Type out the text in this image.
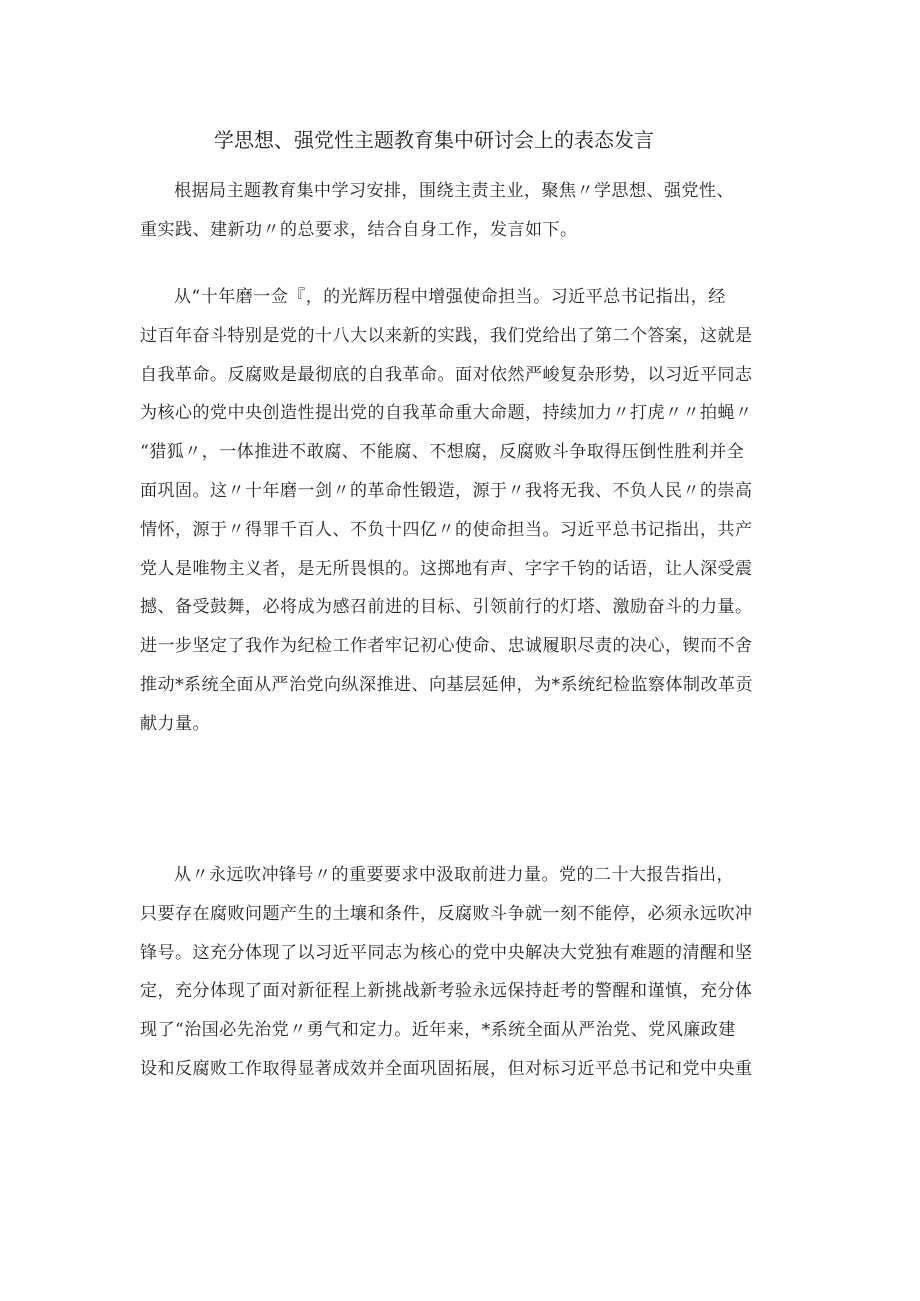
学思想、强党性主题教育集中研讨会上的表态发言

根据局主题教育集中学习安排，围绕主责主业，聚焦〃学思想、强党性、
重实践、建新功〃的总要求，结合自身工作，发言如下。

从“十年磨一佥『，的光辉历程中增强使命担当。习近平总书记指出，经
过百年奋斗特别是党的十八大以来新的实践，我们党给出了第二个答案，这就是
自我革命。反腐败是最彻底的自我革命。面对依然严峻复杂形势，以习近平同志
为核心的党中央创造性提出党的自我革命重大命题，持续加力〃打虎〃〃拍蝇〃
“猎狐〃，一体推进不敢腐、不能腐、不想腐，反腐败斗争取得压倒性胜利并全
面巩固。这〃十年磨一剑〃的革命性锻造，源于〃我将无我、不负人民〃的崇高
情怀，源于〃得罪千百人、不负十四亿〃的使命担当。习近平总书记指出，共产
党人是唯物主义者，是无所畏惧的。这掷地有声、字字千钧的话语，让人深受震
撼、备受鼓舞，必将成为感召前进的目标、引领前行的灯塔、激励奋斗的力量。
进一步坚定了我作为纪检工作者牢记初心使命、忠诚履职尽责的决心，锲而不舍
推动*系统全面从严治党向纵深推进、向基层延伸，为*系统纪检监察体制改革贡
献力量。

从〃永远吹冲锋号〃的重要要求中汲取前进力量。党的二十大报告指出，
只要存在腐败问题产生的土壤和条件，反腐败斗争就一刻不能停，必须永远吹冲
锋号。这充分体现了以习近平同志为核心的党中央解决大党独有难题的清醒和坚
定，充分体现了面对新征程上新挑战新考验永远保持赶考的警醒和谨慎，充分体
现了“治国必先治党〃勇气和定力。近年来，*系统全面从严治党、党风廉政建
设和反腐败工作取得显著成效并全面巩固拓展，但对标习近平总书记和党中央重
